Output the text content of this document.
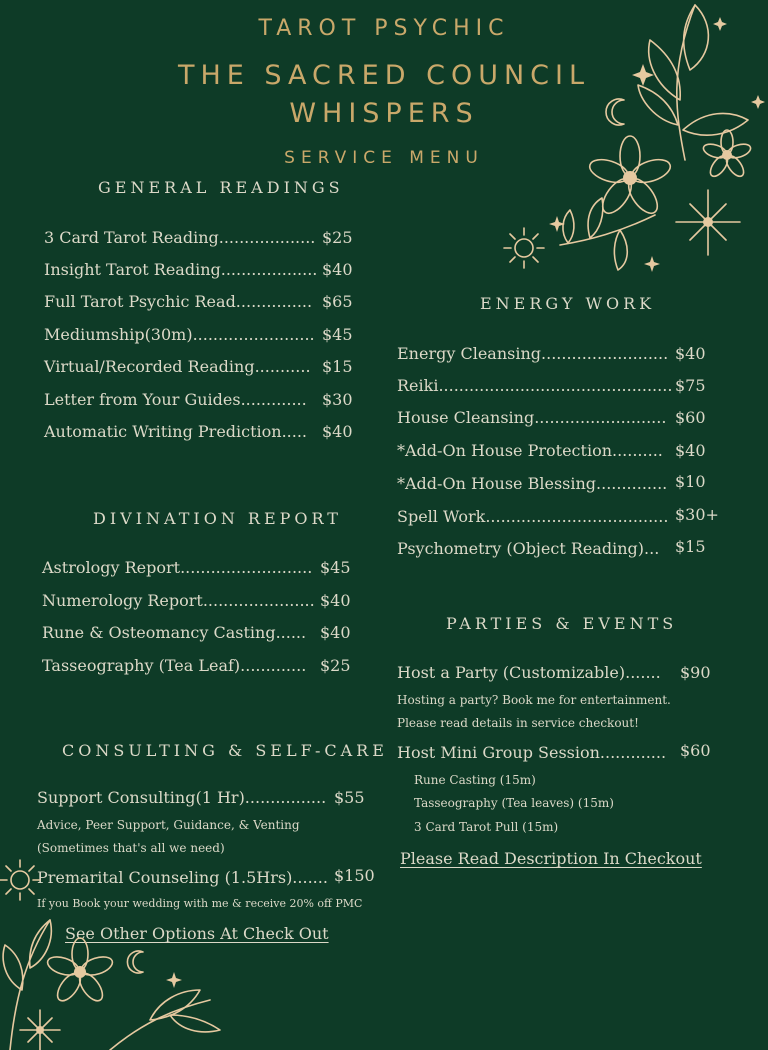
TAROT PSYCHIC
THE SACRED COUNCIL
WHISPERS
SERVICE MENU
GENERAL READINGS
3 Card Tarot Reading................... $25
Insight Tarot Reading................... $40
Full Tarot Psychic Read............... $65
Mediumship(30m)........................ $45
Virtual/Recorded Reading........... $15
Letter from Your Guides............. $30
Automatic Writing Prediction..... $40
DIVINATION REPORT
Astrology Report.......................... $45
Numerology Report...................... $40
Rune & Osteomancy Casting...... $40
Tasseography (Tea Leaf)............. $25
CONSULTING & SELF-CARE
Support Consulting(1 Hr)................ $55
Advice, Peer Support, Guidance, & Venting
(Sometimes that's all we need)
Premarital Counseling (1.5Hrs)....... $150
If you Book your wedding with me & receive 20% off PMC
See Other Options At Check Out
ENERGY WORK
Energy Cleansing......................... $40
Reiki.............................................. $75
House Cleansing.......................... $60
*Add-On House Protection.......... $40
*Add-On House Blessing.............. $10
Spell Work.................................... $30+
Psychometry (Object Reading)... $15
PARTIES & EVENTS
Host a Party (Customizable)....... $90
Hosting a party? Book me for entertainment.
Please read details in service checkout!
Host Mini Group Session............. $60
Rune Casting (15m)
Tasseography (Tea leaves) (15m)
3 Card Tarot Pull (15m)
Please Read Description In Checkout
